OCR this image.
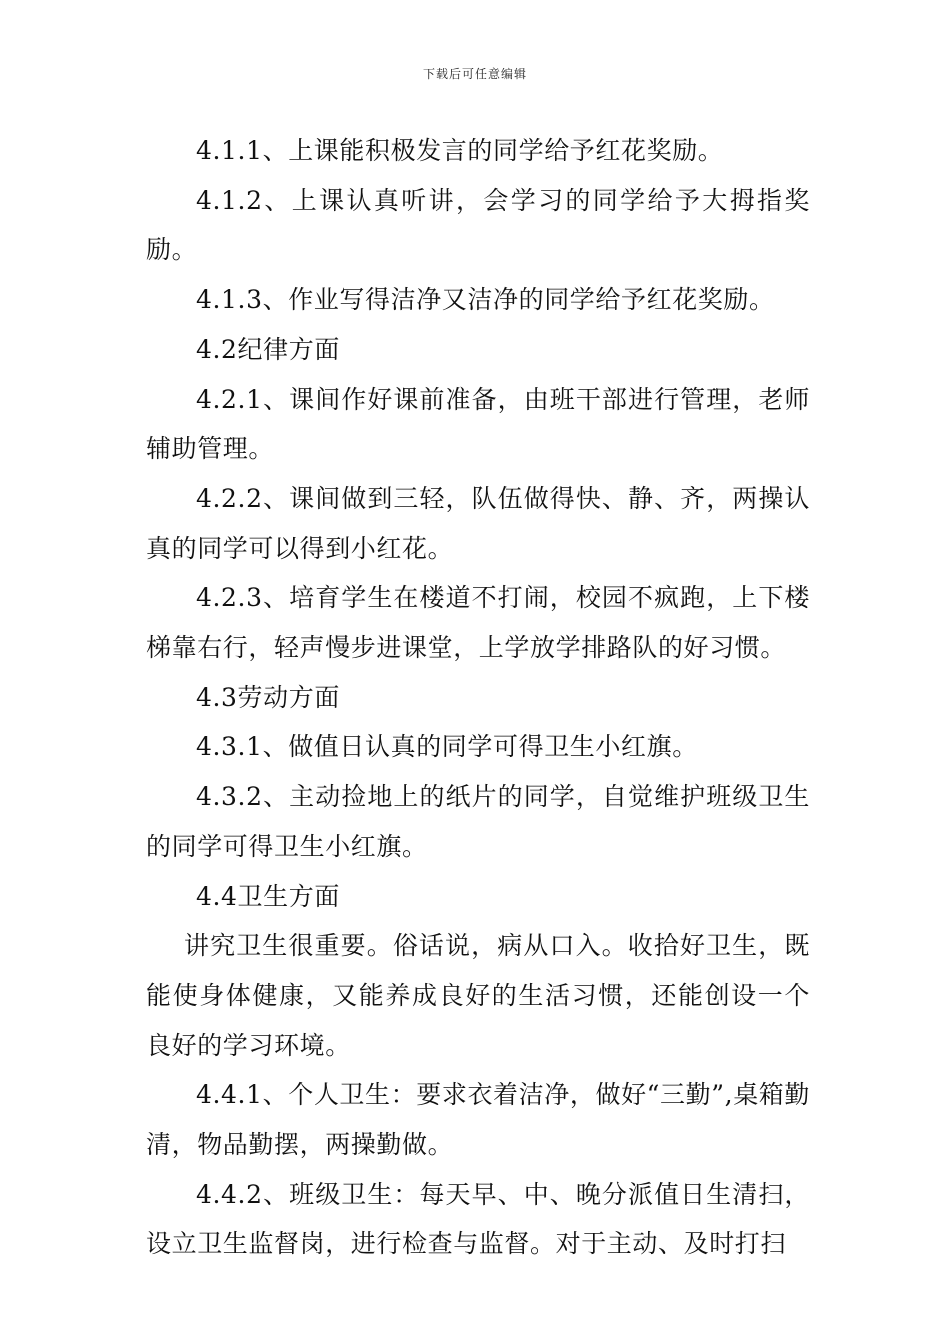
下载后可任意编辑

4.1.1、上课能积极发言的同学给予红花奖励。

4.1.2、上课认真听讲，会学习的同学给予大拇指奖励。

4.1.3、作业写得洁净又洁净的同学给予红花奖励。

4.2纪律方面

4.2.1、课间作好课前准备，由班干部进行管理，老师辅助管理。

4.2.2、课间做到三轻，队伍做得快、静、齐，两操认真的同学可以得到小红花。

4.2.3、培育学生在楼道不打闹，校园不疯跑，上下楼梯靠右行，轻声慢步进课堂，上学放学排路队的好习惯。

4.3劳动方面

4.3.1、做值日认真的同学可得卫生小红旗。

4.3.2、主动捡地上的纸片的同学，自觉维护班级卫生的同学可得卫生小红旗。

4.4卫生方面

讲究卫生很重要。俗话说，病从口入。收拾好卫生，既能使身体健康，又能养成良好的生活习惯，还能创设一个良好的学习环境。

4.4.1、个人卫生：要求衣着洁净，做好“三勤”,桌箱勤清，物品勤摆，两操勤做。

4.4.2、班级卫生：每天早、中、晚分派值日生清扫，设立卫生监督岗，进行检查与监督。对于主动、及时打扫
